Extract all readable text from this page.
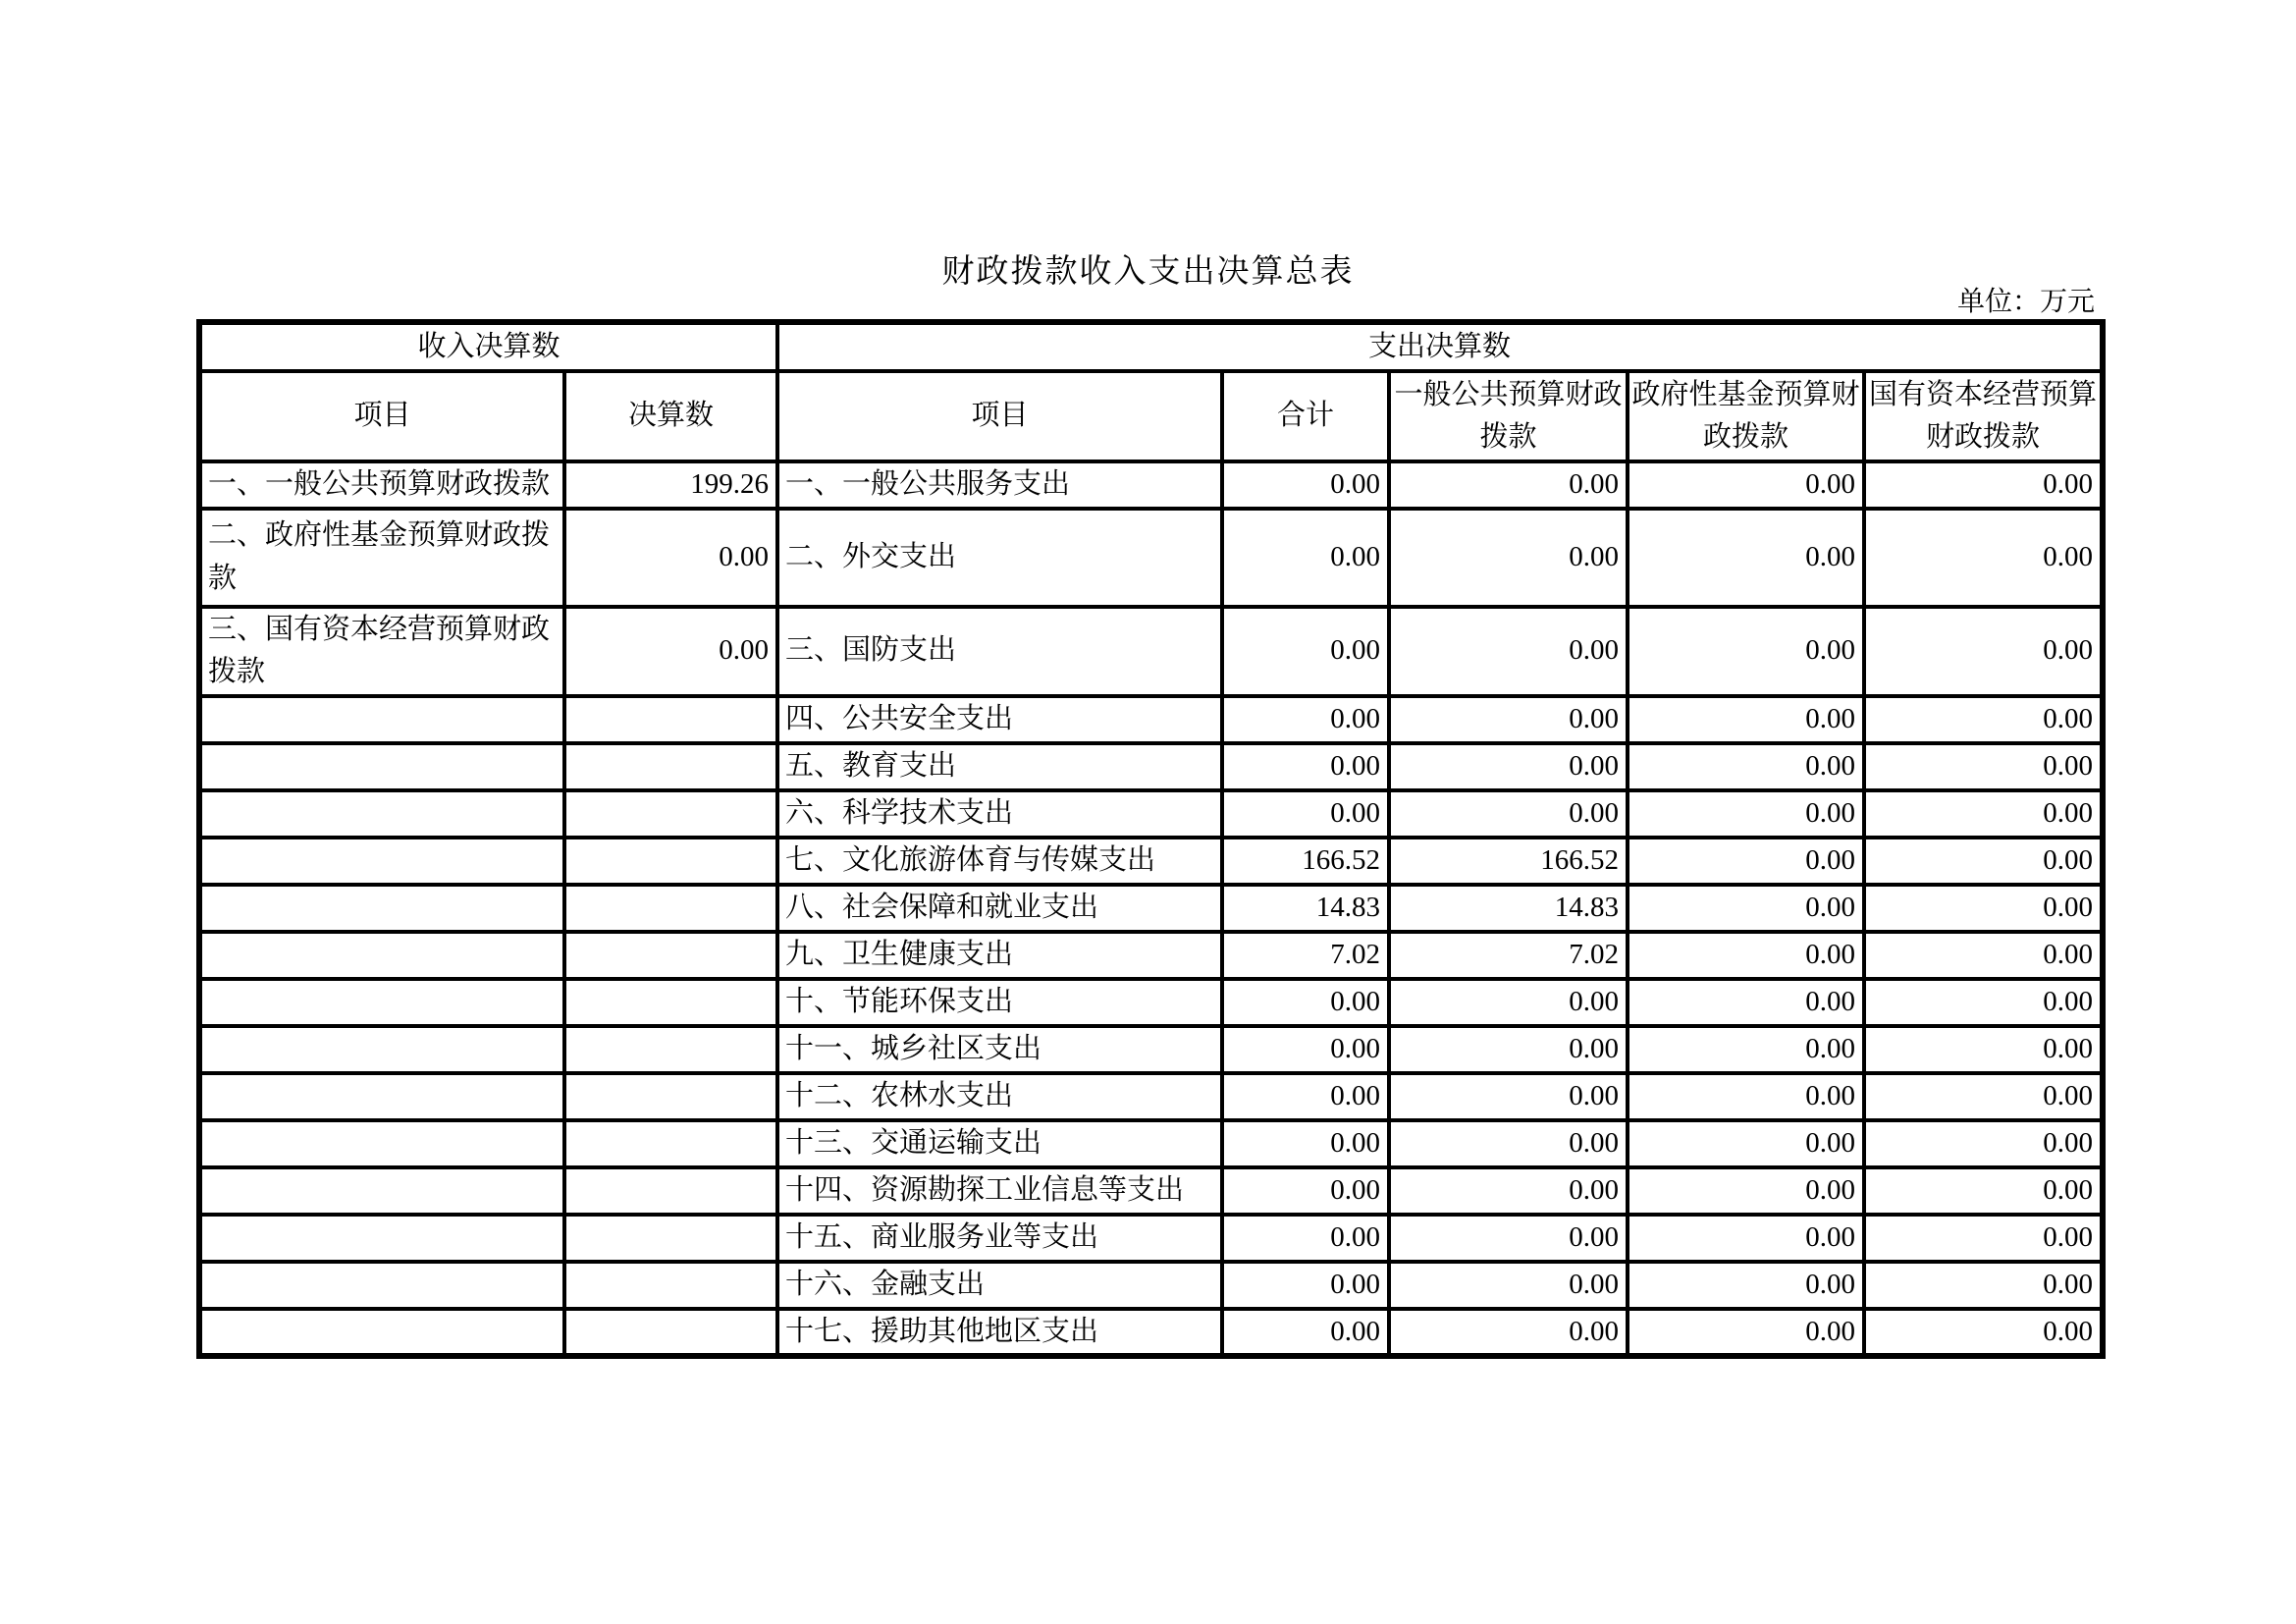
财政拨款收入支出决算总表
单位：万元
收入决算数		支出决算数				
项目	决算数	项目	合计	一般公共预算财政拨款	政府性基金预算财政拨款	国有资本经营预算财政拨款
一、一般公共预算财政拨款	199.26	一、一般公共服务支出	0.00	0.00	0.00	0.00
二、政府性基金预算财政拨款	0.00	二、外交支出	0.00	0.00	0.00	0.00
三、国有资本经营预算财政拨款	0.00	三、国防支出	0.00	0.00	0.00	0.00
		四、公共安全支出	0.00	0.00	0.00	0.00
		五、教育支出	0.00	0.00	0.00	0.00
		六、科学技术支出	0.00	0.00	0.00	0.00
		七、文化旅游体育与传媒支出	166.52	166.52	0.00	0.00
		八、社会保障和就业支出	14.83	14.83	0.00	0.00
		九、卫生健康支出	7.02	7.02	0.00	0.00
		十、节能环保支出	0.00	0.00	0.00	0.00
		十一、城乡社区支出	0.00	0.00	0.00	0.00
		十二、农林水支出	0.00	0.00	0.00	0.00
		十三、交通运输支出	0.00	0.00	0.00	0.00
		十四、资源勘探工业信息等支出	0.00	0.00	0.00	0.00
		十五、商业服务业等支出	0.00	0.00	0.00	0.00
		十六、金融支出	0.00	0.00	0.00	0.00
		十七、援助其他地区支出	0.00	0.00	0.00	0.00
